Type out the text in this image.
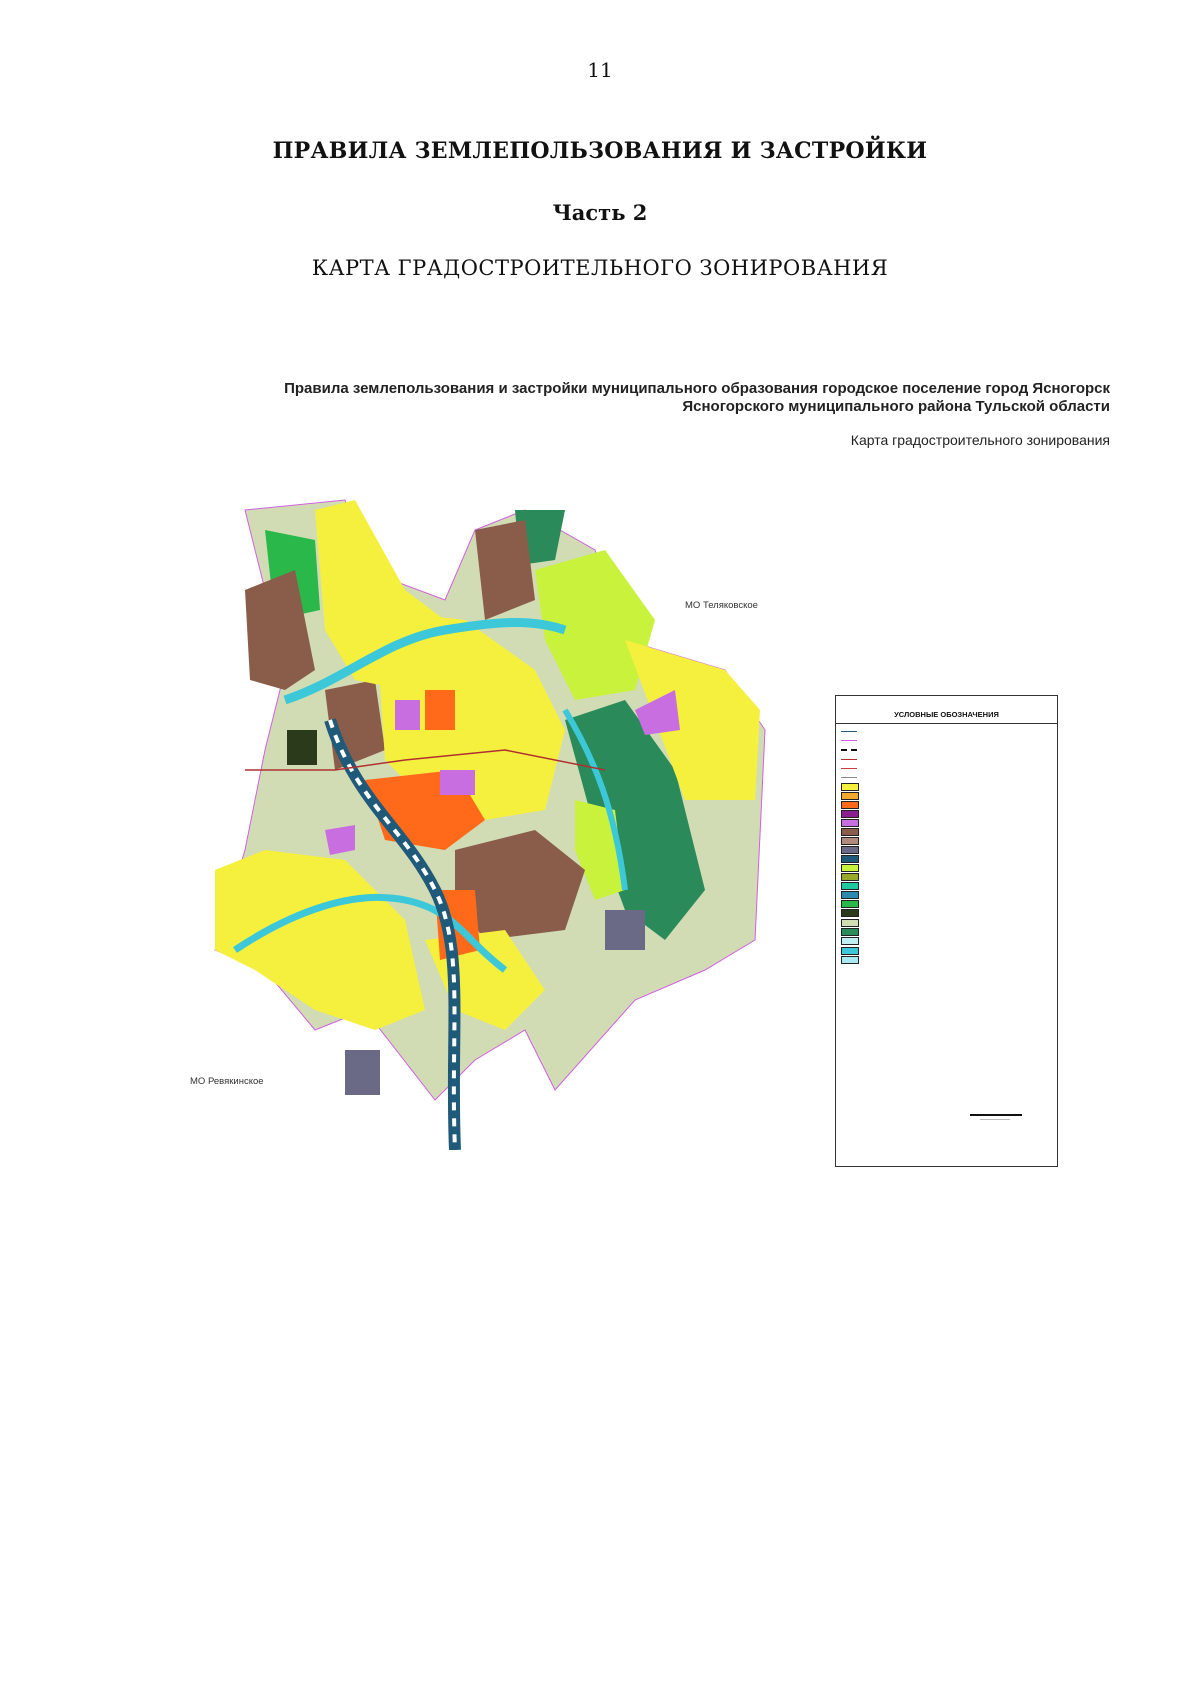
11
ПРАВИЛА ЗЕМЛЕПОЛЬЗОВАНИЯ И ЗАСТРОЙКИ
Часть 2
КАРТА ГРАДОСТРОИТЕЛЬНОГО ЗОНИРОВАНИЯ
Правила землепользования и застройки муниципального образования городское поселение город Ясногорск
Ясногорского муниципального района Тульской области
Карта градостроительного зонирования
МО Теляковское
МО Ревякинское
УСЛОВНЫЕ ОБОЗНАЧЕНИЯ
